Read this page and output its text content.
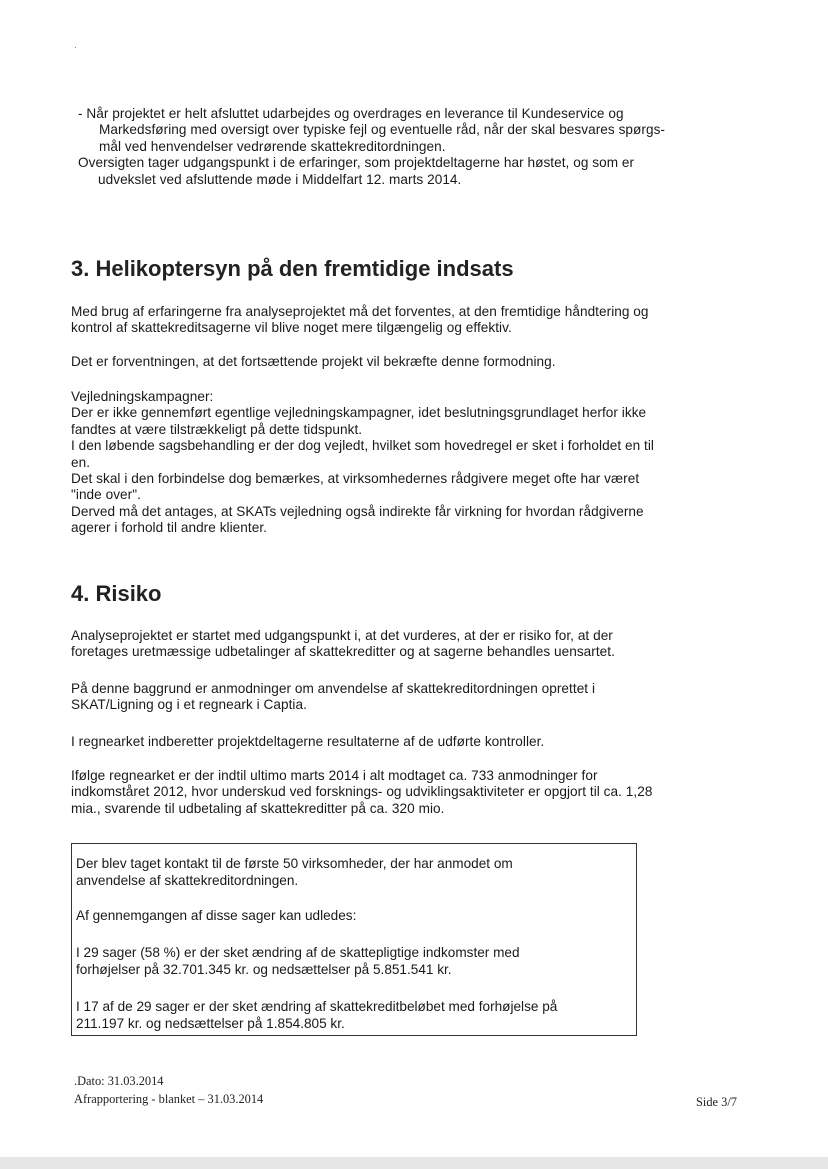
.

- Når projektet er helt afsluttet udarbejdes og overdrages en leverance til Kundeservice og

Markedsføring med oversigt over typiske fejl og eventuelle råd, når der skal besvares spørgs-

mål ved henvendelser vedrørende skattekreditordningen.

Oversigten tager udgangspunkt i de erfaringer, som projektdeltagerne har høstet, og som er

udvekslet ved afsluttende møde i Middelfart 12. marts 2014.

3. Helikoptersyn på den fremtidige indsats
Med brug af erfaringerne fra analyseprojektet må det forventes, at den fremtidige håndtering og
kontrol af skattekreditsagerne vil blive noget mere tilgængelig og effektiv.
Det er forventningen, at det fortsættende projekt vil bekræfte denne formodning.
Vejledningskampagner:
Der er ikke gennemført egentlige vejledningskampagner, idet beslutningsgrundlaget herfor ikke
fandtes at være tilstrækkeligt på dette tidspunkt.
I den løbende sagsbehandling er der dog vejledt, hvilket som hovedregel er sket i forholdet en til
en.
Det skal i den forbindelse dog bemærkes, at virksomhedernes rådgivere meget ofte har været
"inde over".
Derved må det antages, at SKATs vejledning også indirekte får virkning for hvordan rådgiverne
agerer i forhold til andre klienter.
4. Risiko
Analyseprojektet er startet med udgangspunkt i, at det vurderes, at der er risiko for, at der
foretages uretmæssige udbetalinger af skattekreditter og at sagerne behandles uensartet.
På denne baggrund er anmodninger om anvendelse af skattekreditordningen oprettet i
SKAT/Ligning og i et regneark i Captia.
I regnearket indberetter projektdeltagerne resultaterne af de udførte kontroller.
Ifølge regnearket er der indtil ultimo marts 2014 i alt modtaget ca. 733 anmodninger for
indkomståret 2012, hvor underskud ved forsknings- og udviklingsaktiviteter er opgjort til ca. 1,28
mia., svarende til udbetaling af skattekreditter på ca. 320 mio.
Der blev taget kontakt til de første 50 virksomheder, der har anmodet om
anvendelse af skattekreditordningen.
Af gennemgangen af disse sager kan udledes:
I 29 sager (58 %) er der sket ændring af de skattepligtige indkomster med
forhøjelser på 32.701.345 kr. og nedsættelser på 5.851.541 kr.
I 17 af de 29 sager er der sket ændring af skattekreditbeløbet med forhøjelse på
211.197 kr. og nedsættelser på 1.854.805 kr.

.Dato: 31.03.2014

Afrapportering - blanket – 31.03.2014	Side 3/7
